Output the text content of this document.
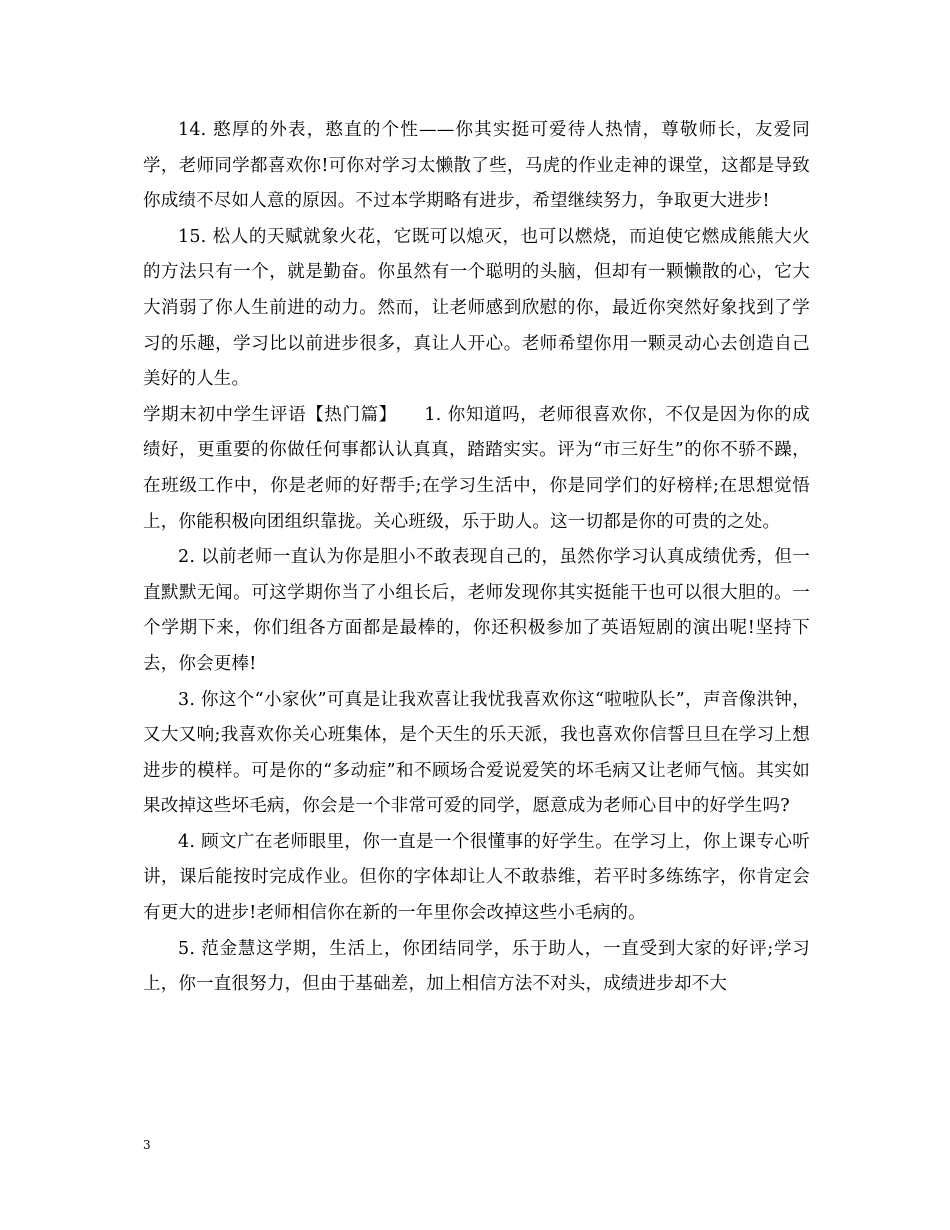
14. 憨厚的外表，憨直的个性——你其实挺可爱待人热情，尊敬师长，友爱同学，老师同学都喜欢你!可你对学习太懒散了些，马虎的作业走神的课堂，这都是导致你成绩不尽如人意的原因。不过本学期略有进步，希望继续努力，争取更大进步!

15. 松人的天赋就象火花，它既可以熄灭，也可以燃烧，而迫使它燃成熊熊大火的方法只有一个，就是勤奋。你虽然有一个聪明的头脑，但却有一颗懒散的心，它大大消弱了你人生前进的动力。然而，让老师感到欣慰的你，最近你突然好象找到了学习的乐趣，学习比以前进步很多，真让人开心。老师希望你用一颗灵动心去创造自己美好的人生。

学期末初中学生评语【热门篇】　　1. 你知道吗，老师很喜欢你，不仅是因为你的成绩好，更重要的你做任何事都认认真真，踏踏实实。评为“市三好生”的你不骄不躁，在班级工作中，你是老师的好帮手;在学习生活中，你是同学们的好榜样;在思想觉悟上，你能积极向团组织靠拢。关心班级，乐于助人。这一切都是你的可贵的之处。

2. 以前老师一直认为你是胆小不敢表现自己的，虽然你学习认真成绩优秀，但一直默默无闻。可这学期你当了小组长后，老师发现你其实挺能干也可以很大胆的。一个学期下来，你们组各方面都是最棒的，你还积极参加了英语短剧的演出呢!坚持下去，你会更棒!

3. 你这个“小家伙”可真是让我欢喜让我忧我喜欢你这“啦啦队长”，声音像洪钟，又大又响;我喜欢你关心班集体，是个天生的乐天派，我也喜欢你信誓旦旦在学习上想进步的模样。可是你的“多动症”和不顾场合爱说爱笑的坏毛病又让老师气恼。其实如果改掉这些坏毛病，你会是一个非常可爱的同学，愿意成为老师心目中的好学生吗?

4. 顾文广在老师眼里，你一直是一个很懂事的好学生。在学习上，你上课专心听讲，课后能按时完成作业。但你的字体却让人不敢恭维，若平时多练练字，你肯定会有更大的进步!老师相信你在新的一年里你会改掉这些小毛病的。

5. 范金慧这学期，生活上，你团结同学，乐于助人，一直受到大家的好评;学习上，你一直很努力，但由于基础差，加上相信方法不对头，成绩进步却不大

3
